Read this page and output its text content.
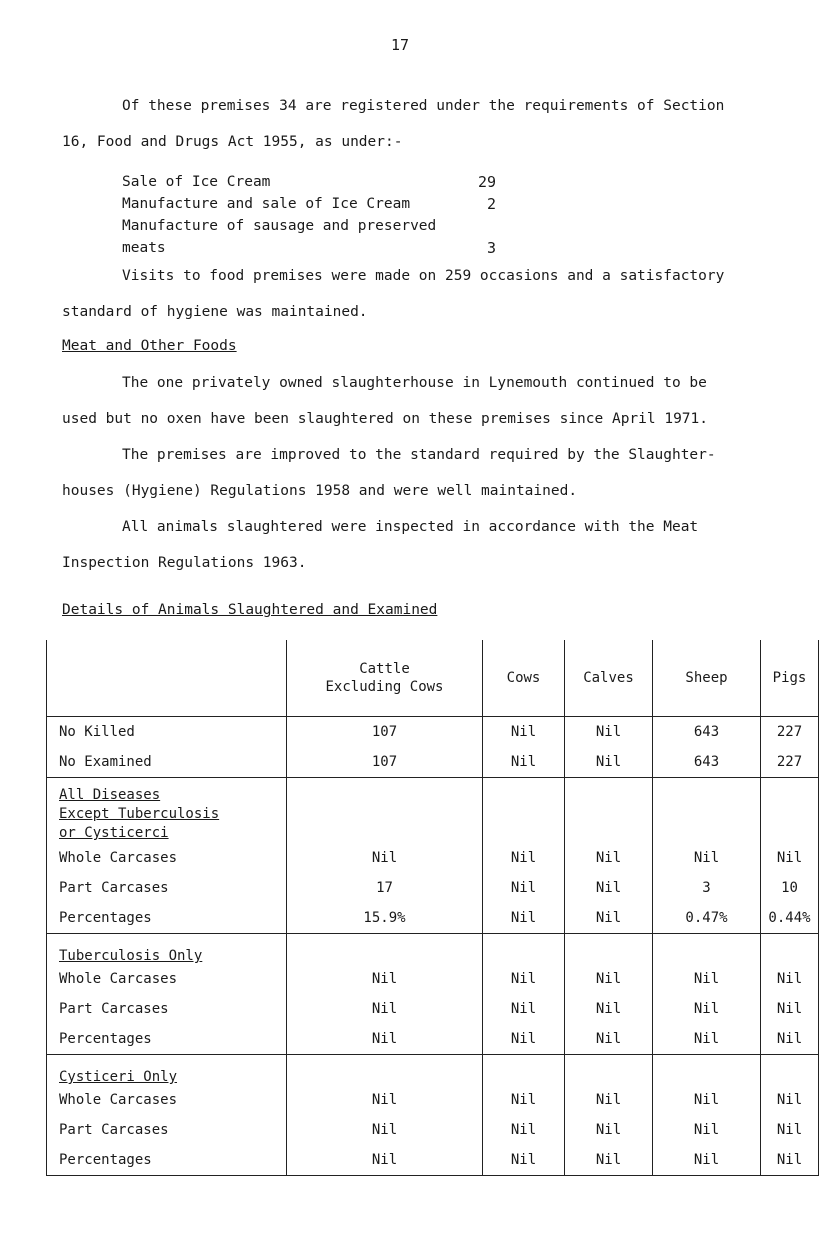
17
Of these premises 34 are registered under the requirements of Section
16, Food and Drugs Act 1955, as under:-
Sale of Ice Cream	29
Manufacture and sale of Ice Cream	2
Manufacture of sausage and preserved
meats	3
Visits to food premises were made on 259 occasions and a satisfactory
standard of hygiene was maintained.
Meat and Other Foods
The one privately owned slaughterhouse in Lynemouth continued to be
used but no oxen have been slaughtered on these premises since April 1971.
The premises are improved to the standard required by the Slaughter-
houses (Hygiene) Regulations 1958 and were well maintained.
All animals slaughtered were inspected in accordance with the Meat
Inspection Regulations 1963.
Details of Animals Slaughtered and Examined
	Cattle
Excluding Cows	Cows	Calves	Sheep	Pigs
No Killed	107	Nil	Nil	643	227
No Examined	107	Nil	Nil	643	227
All Diseases					
Except Tuberculosis					
or Cysticerci					
Whole Carcases	Nil	Nil	Nil	Nil	Nil
Part Carcases	17	Nil	Nil	3	10
Percentages	15.9%	Nil	Nil	0.47%	0.44%
Tuberculosis Only					
Whole Carcases	Nil	Nil	Nil	Nil	Nil
Part Carcases	Nil	Nil	Nil	Nil	Nil
Percentages	Nil	Nil	Nil	Nil	Nil
Cysticeri Only					
Whole Carcases	Nil	Nil	Nil	Nil	Nil
Part Carcases	Nil	Nil	Nil	Nil	Nil
Percentages	Nil	Nil	Nil	Nil	Nil
